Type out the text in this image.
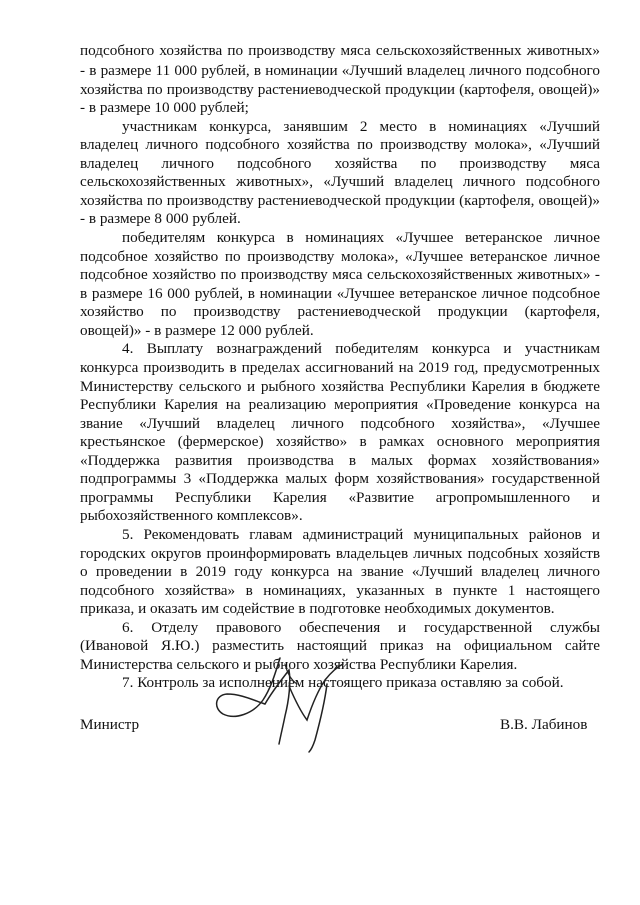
подсобного хозяйства по производству мяса сельскохозяйственных животных»
- в размере 11 000 рублей, в номинации «Лучший владелец личного подсобного
хозяйства по производству растениеводческой продукции (картофеля, овощей)»
- в размере 10 000 рублей;
участникам конкурса, занявшим 2 место в номинациях «Лучший
владелец личного подсобного хозяйства по производству молока», «Лучший
владелец личного подсобного хозяйства по производству мяса
сельскохозяйственных животных», «Лучший владелец личного подсобного
хозяйства по производству растениеводческой продукции (картофеля, овощей)»
- в размере 8 000 рублей.
победителям конкурса в номинациях «Лучшее ветеранское личное
подсобное хозяйство по производству молока», «Лучшее ветеранское личное
подсобное хозяйство по производству мяса сельскохозяйственных животных» -
в размере 16 000 рублей, в номинации «Лучшее ветеранское личное подсобное
хозяйство по производству растениеводческой продукции (картофеля,
овощей)» - в размере 12 000 рублей.
4. Выплату вознаграждений победителям конкурса и участникам
конкурса производить в пределах ассигнований на 2019 год, предусмотренных
Министерству сельского и рыбного хозяйства Республики Карелия в бюджете
Республики Карелия на реализацию мероприятия «Проведение конкурса на
звание «Лучший владелец личного подсобного хозяйства», «Лучшее
крестьянское (фермерское) хозяйство» в рамках основного мероприятия
«Поддержка развития производства в малых формах хозяйствования»
подпрограммы 3 «Поддержка малых форм хозяйствования» государственной
программы Республики Карелия «Развитие агропромышленного и
рыбохозяйственного комплексов».
5. Рекомендовать главам администраций муниципальных районов и
городских округов проинформировать владельцев личных подсобных хозяйств
о проведении в 2019 году конкурса на звание «Лучший владелец личного
подсобного хозяйства» в номинациях, указанных в пункте 1 настоящего
приказа, и оказать им содействие в подготовке необходимых документов.
6. Отделу правового обеспечения и государственной службы
(Ивановой Я.Ю.) разместить настоящий приказ на официальном сайте
Министерства сельского и рыбного хозяйства Республики Карелия.
7. Контроль за исполнением настоящего приказа оставляю за собой.
Министр	В.В. Лабинов
